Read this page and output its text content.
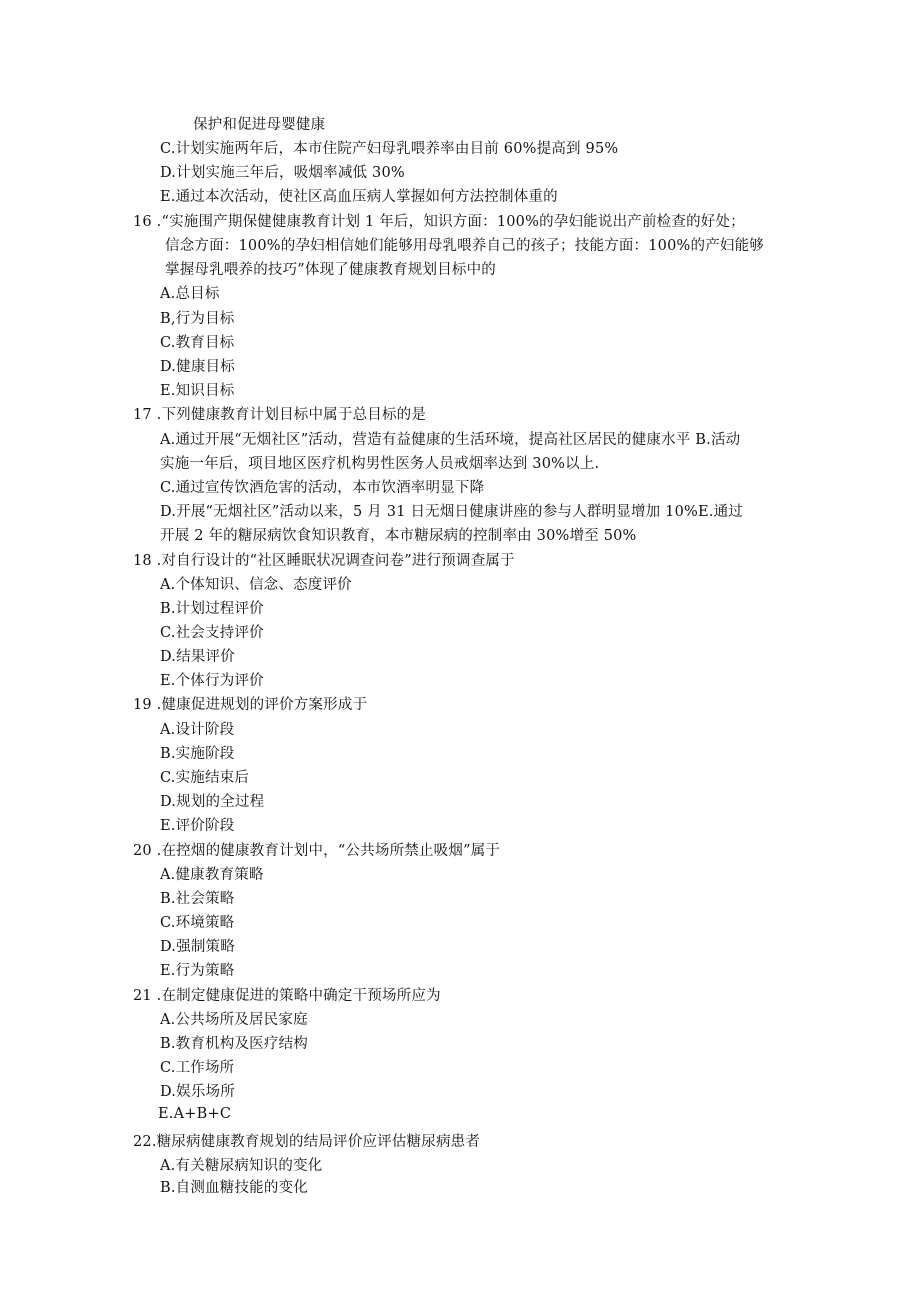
保护和促进母婴健康
C.计划实施两年后，本市住院产妇母乳喂养率由目前 60%提高到 95%
D.计划实施三年后，吸烟率减低 30%
E.通过本次活动，使社区高血压病人掌握如何方法控制体重的
16 .“实施围产期保健健康教育计划 1 年后，知识方面：100%的孕妇能说出产前检查的好处；
信念方面：100%的孕妇相信她们能够用母乳喂养自己的孩子；技能方面：100%的产妇能够
掌握母乳喂养的技巧”体现了健康教育规划目标中的
A.总目标
B,行为目标
C.教育目标
D.健康目标
E.知识目标
17 .下列健康教育计划目标中属于总目标的是
A.通过开展“无烟社区”活动，营造有益健康的生活环境，提高社区居民的健康水平 B.活动
实施一年后，项目地区医疗机构男性医务人员戒烟率达到 30%以上.
C.通过宣传饮酒危害的活动，本市饮酒率明显下降
D.开展“无烟社区”活动以来，5 月 31 日无烟日健康讲座的参与人群明显增加 10%E.通过
开展 2 年的糖尿病饮食知识教育，本市糖尿病的控制率由 30%增至 50%
18 .对自行设计的“社区睡眠状况调查问卷”进行预调查属于
A.个体知识、信念、态度评价
B.计划过程评价
C.社会支持评价
D.结果评价
E.个体行为评价
19 .健康促进规划的评价方案形成于
A.设计阶段
B.实施阶段
C.实施结束后
D.规划的全过程
E.评价阶段
20 .在控烟的健康教育计划中，“公共场所禁止吸烟”属于
A.健康教育策略
B.社会策略
C.环境策略
D.强制策略
E.行为策略
21 .在制定健康促进的策略中确定干预场所应为
A.公共场所及居民家庭
B.教育机构及医疗结构
C.工作场所
D.娱乐场所
E.A+B+C
22.糖尿病健康教育规划的结局评价应评估糖尿病患者
A.有关糖尿病知识的变化
B.自测血糖技能的变化
